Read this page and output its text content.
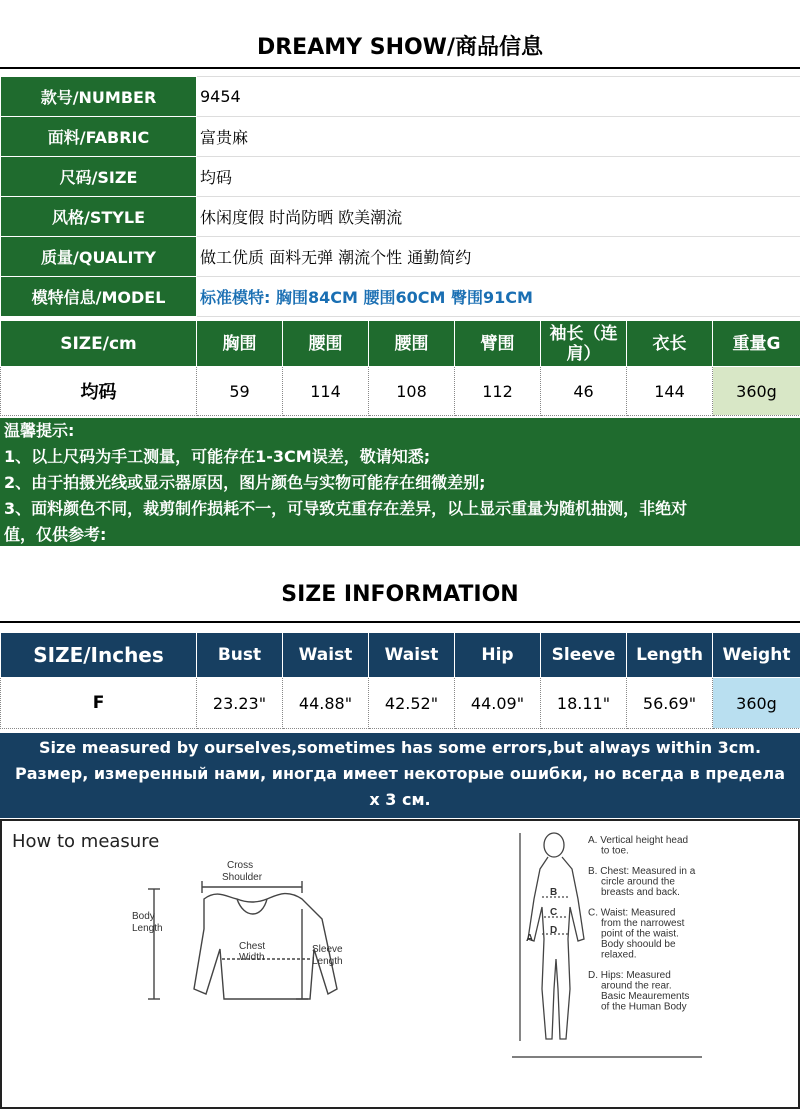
DREAMY SHOW/商品信息
款号/NUMBER	9454
面料/FABRIC	富贵麻
尺码/SIZE	均码
风格/STYLE	休闲度假 时尚防晒 欧美潮流
质量/QUALITY	做工优质 面料无弹 潮流个性 通勤简约
模特信息/MODEL	标准模特: 胸围84CM 腰围60CM 臀围91CM
SIZE/cm	胸围	腰围	腰围	臂围	袖长（连肩）	衣长	重量G
均码	59	114	108	112	46	144	360g
温馨提示:
1、以上尺码为手工测量，可能存在1-3CM误差，敬请知悉;
2、由于拍摄光线或显示器原因，图片颜色与实物可能存在细微差别;
3、面料颜色不同，裁剪制作损耗不一，可导致克重存在差异，以上显示重量为随机抽测，非绝对
值，仅供参考:
SIZE INFORMATION
SIZE/Inches	Bust	Waist	Waist	Hip	Sleeve	Length	Weight
F	23.23"	44.88"	42.52"	44.09"	18.11"	56.69"	360g
Size measured by ourselves,sometimes has some errors,but always within 3cm.
Размер, измеренный нами, иногда имеет некоторые ошибки, но всегда в предела
х 3 см.
How to measure
Cross
Shoulder
Body
Length
Chest
Width
Sleeve
Length
B
C
D
A
A. Vertical height head
to toe.
B. Chest: Measured in a
circle around the
breasts and back.
C. Waist: Measured
from the narrowest
point of the waist.
Body shoould be
relaxed.
D. Hips: Measured
around the rear.
Basic Meaurements
of the Human Body
